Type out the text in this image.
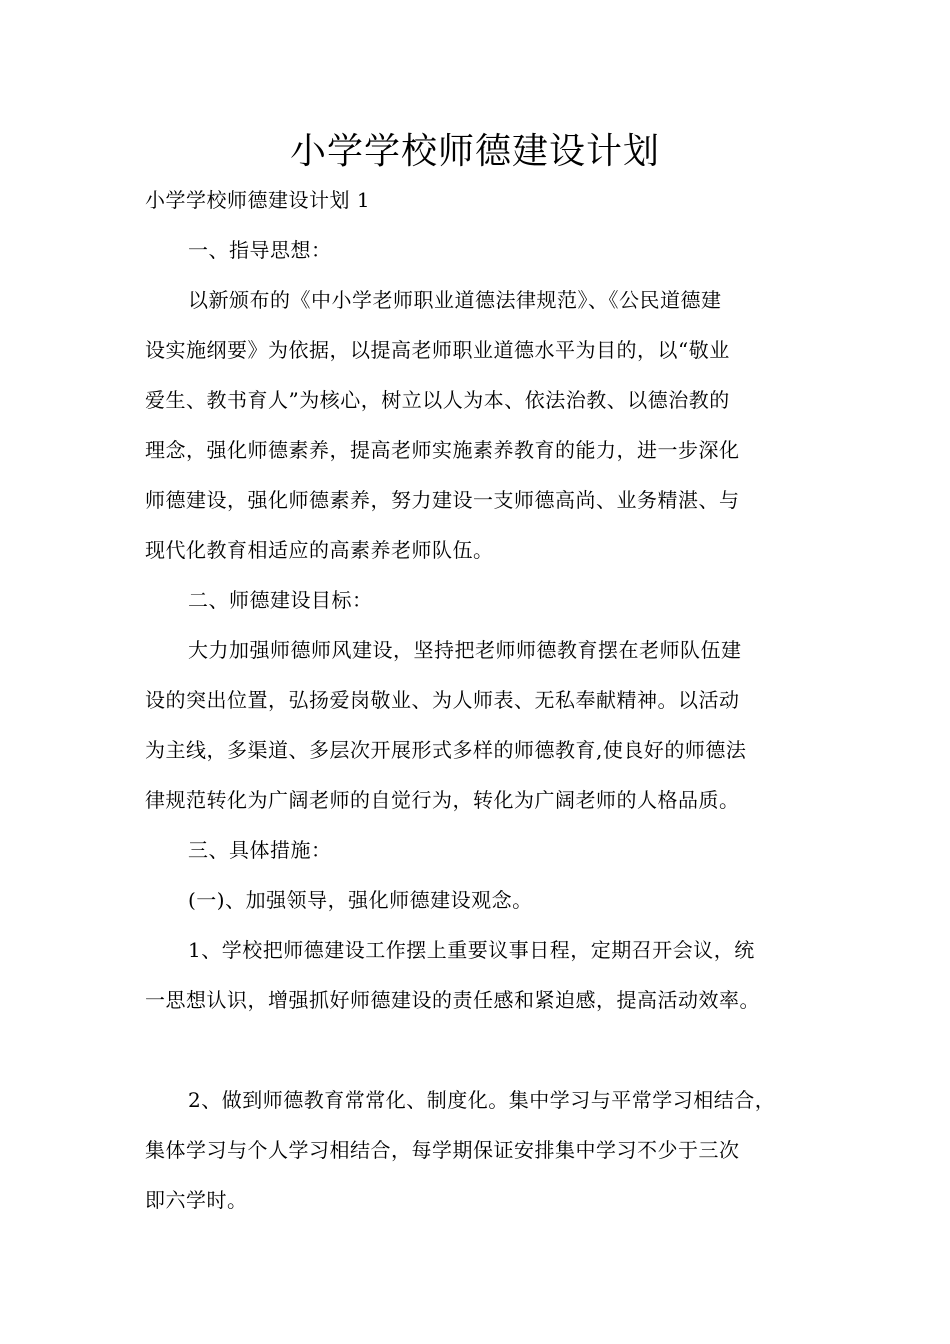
小学学校师德建设计划
小学学校师德建设计划 1
一、指导思想：
以新颁布的《中小学老师职业道德法律规范》、《公民道德建
设实施纲要》为依据，以提高老师职业道德水平为目的，以“敬业
爱生、教书育人”为核心，树立以人为本、依法治教、以德治教的
理念，强化师德素养，提高老师实施素养教育的能力，进一步深化
师德建设，强化师德素养，努力建设一支师德高尚、业务精湛、与
现代化教育相适应的高素养老师队伍。
二、师德建设目标：
大力加强师德师风建设，坚持把老师师德教育摆在老师队伍建
设的突出位置，弘扬爱岗敬业、为人师表、无私奉献精神。以活动
为主线，多渠道、多层次开展形式多样的师德教育,使良好的师德法
律规范转化为广阔老师的自觉行为，转化为广阔老师的人格品质。
三、具体措施：
(一)、加强领导，强化师德建设观念。
1、学校把师德建设工作摆上重要议事日程，定期召开会议，统
一思想认识，增强抓好师德建设的责任感和紧迫感，提高活动效率。
2、做到师德教育常常化、制度化。集中学习与平常学习相结合，
集体学习与个人学习相结合，每学期保证安排集中学习不少于三次
即六学时。
